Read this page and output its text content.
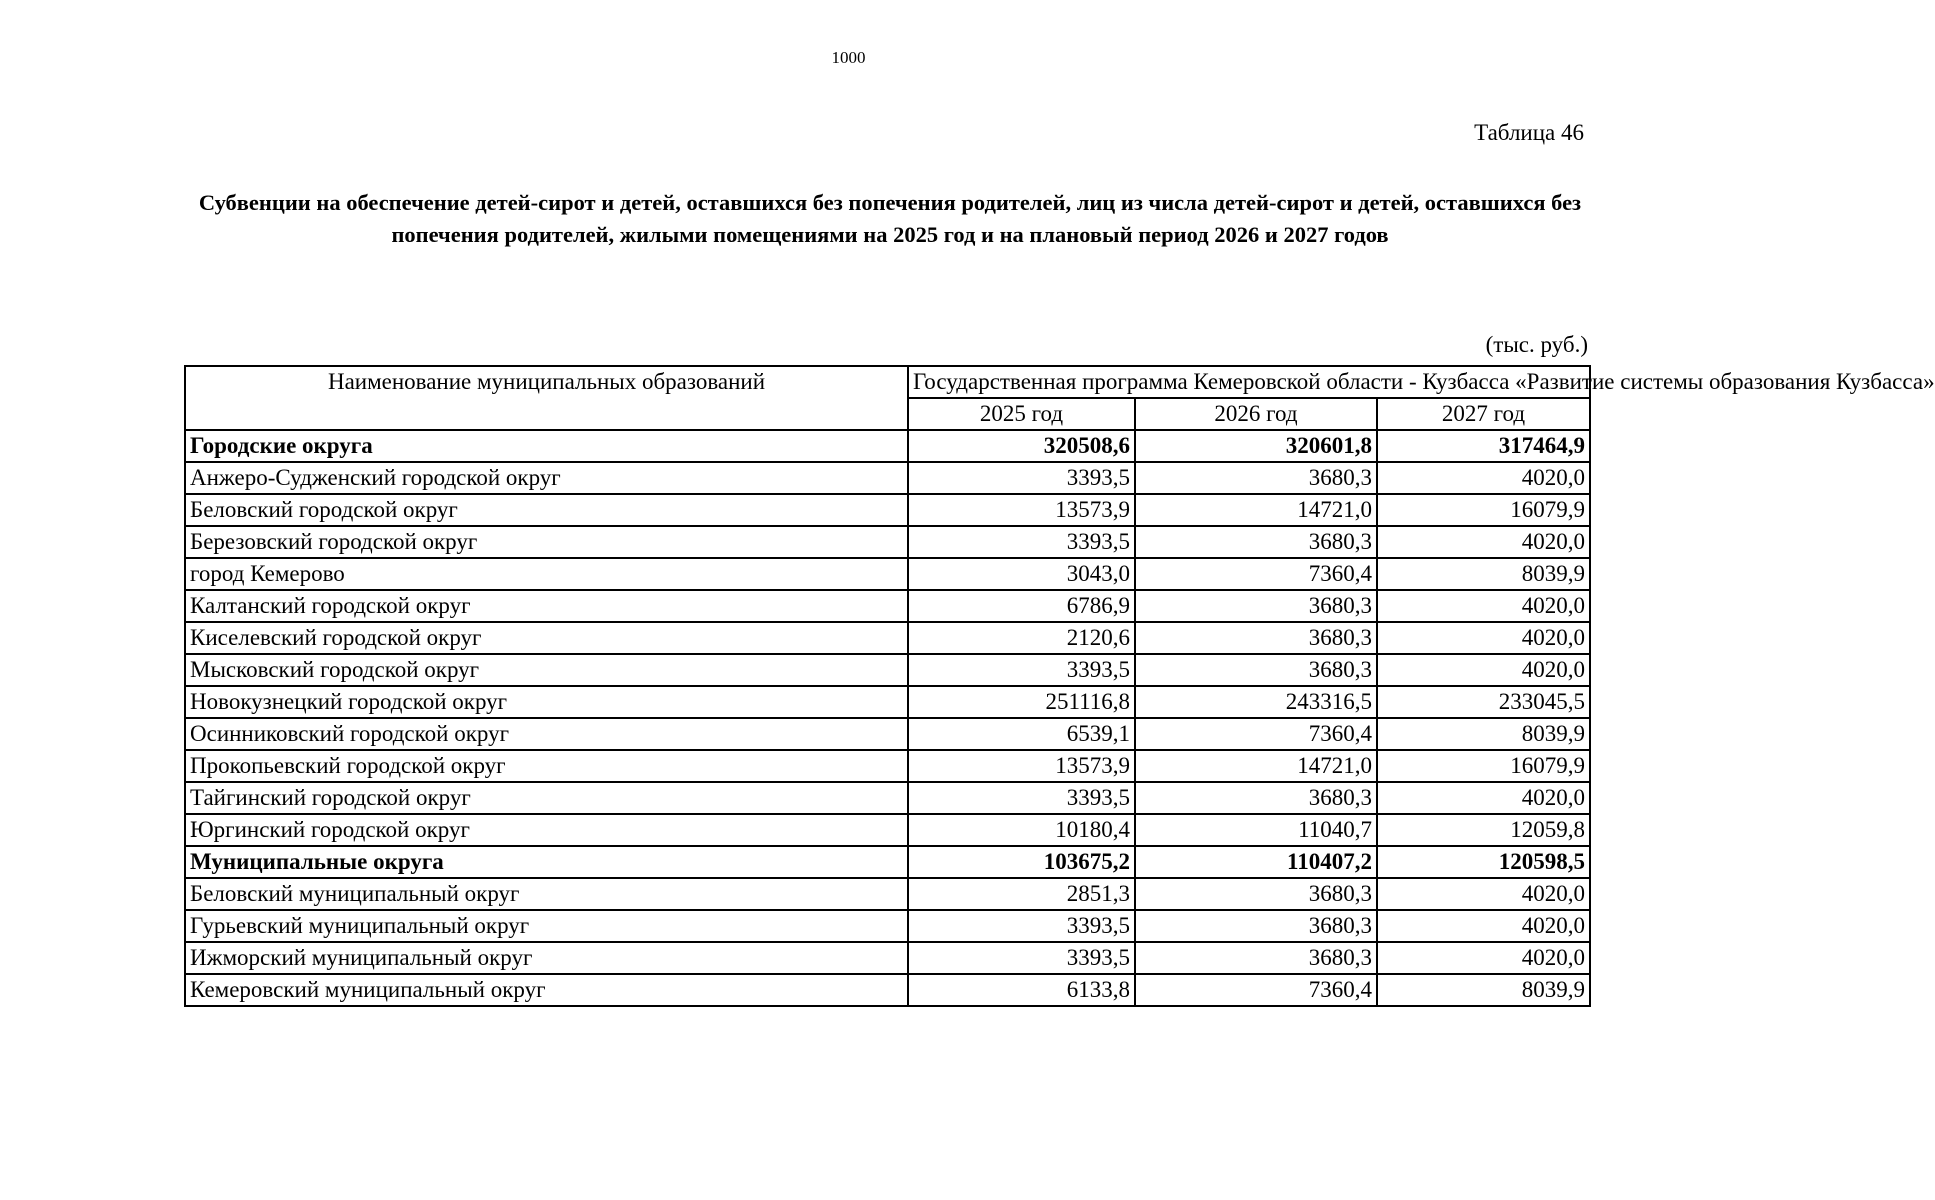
1000
Таблица 46
Субвенции на обеспечение детей-сирот и детей, оставшихся без попечения родителей, лиц из числа детей-сирот и детей, оставшихся без попечения родителей, жилыми помещениями на 2025 год и на плановый период 2026 и 2027 годов
(тыс. руб.)
Наименование муниципальных образований	Государственная программа Кемеровской области - Кузбасса «Развитие системы образования Кузбасса»		
	2025 год	2026 год	2027 год
Городские округа	320508,6	320601,8	317464,9
Анжеро-Судженский городской округ	3393,5	3680,3	4020,0
Беловский городской округ	13573,9	14721,0	16079,9
Березовский городской округ	3393,5	3680,3	4020,0
город Кемерово	3043,0	7360,4	8039,9
Калтанский городской округ	6786,9	3680,3	4020,0
Киселевский городской округ	2120,6	3680,3	4020,0
Мысковский городской округ	3393,5	3680,3	4020,0
Новокузнецкий городской округ	251116,8	243316,5	233045,5
Осинниковский городской округ	6539,1	7360,4	8039,9
Прокопьевский городской округ	13573,9	14721,0	16079,9
Тайгинский городской округ	3393,5	3680,3	4020,0
Юргинский городской округ	10180,4	11040,7	12059,8
Муниципальные округа	103675,2	110407,2	120598,5
Беловский муниципальный округ	2851,3	3680,3	4020,0
Гурьевский муниципальный округ	3393,5	3680,3	4020,0
Ижморский муниципальный округ	3393,5	3680,3	4020,0
Кемеровский муниципальный округ	6133,8	7360,4	8039,9
